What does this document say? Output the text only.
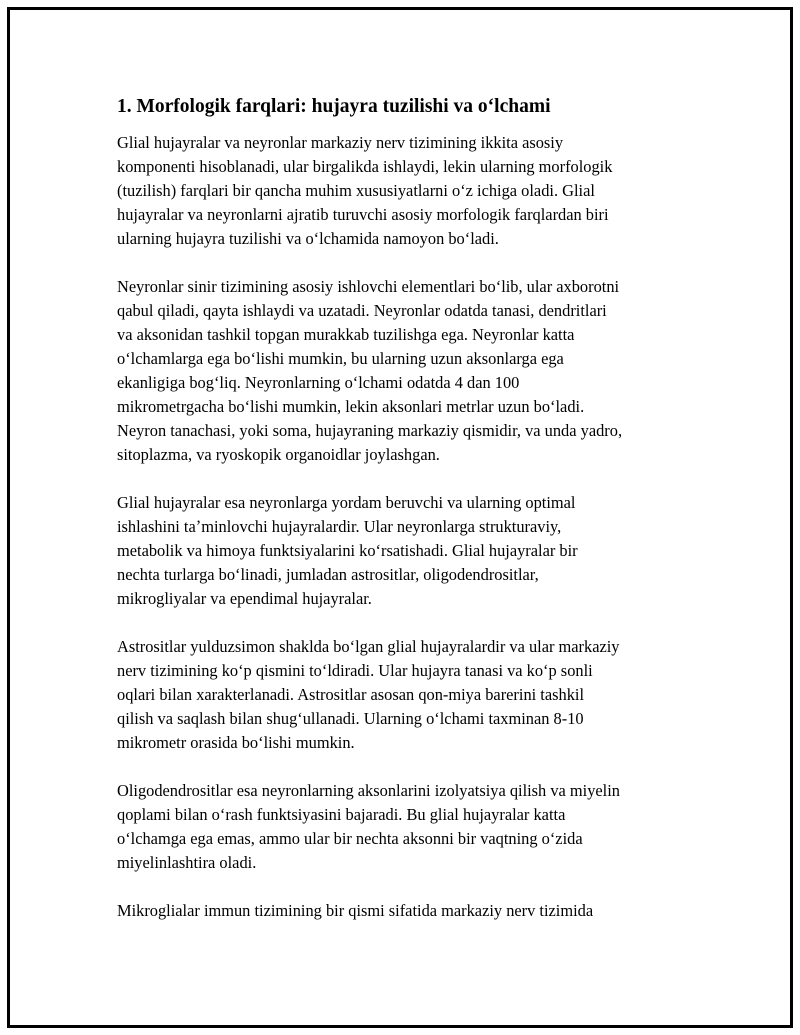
1. Morfologik farqlari: hujayra tuzilishi va oʻlchami

Glial hujayralar va neyronlar markaziy nerv tizimining ikkita asosiy
komponenti hisoblanadi, ular birgalikda ishlaydi, lekin ularning morfologik
(tuzilish) farqlari bir qancha muhim xususiyatlarni oʻz ichiga oladi. Glial
hujayralar va neyronlarni ajratib turuvchi asosiy morfologik farqlardan biri
ularning hujayra tuzilishi va oʻlchamida namoyon boʻladi.

Neyronlar sinir tizimining asosiy ishlovchi elementlari boʻlib, ular axborotni
qabul qiladi, qayta ishlaydi va uzatadi. Neyronlar odatda tanasi, dendritlari
va aksonidan tashkil topgan murakkab tuzilishga ega. Neyronlar katta
oʻlchamlarga ega boʻlishi mumkin, bu ularning uzun aksonlarga ega
ekanligiga bogʻliq. Neyronlarning oʻlchami odatda 4 dan 100
mikrometrgacha boʻlishi mumkin, lekin aksonlari metrlar uzun boʻladi.
Neyron tanachasi, yoki soma, hujayraning markaziy qismidir, va unda yadro,
sitoplazma, va ryoskopik organoidlar joylashgan.

Glial hujayralar esa neyronlarga yordam beruvchi va ularning optimal
ishlashini taʼminlovchi hujayralardir. Ular neyronlarga strukturaviy,
metabolik va himoya funktsiyalarini koʻrsatishadi. Glial hujayralar bir
nechta turlarga boʻlinadi, jumladan astrositlar, oligodendrositlar,
mikrogliyalar va ependimal hujayralar.

Astrositlar yulduzsimon shaklda boʻlgan glial hujayralardir va ular markaziy
nerv tizimining koʻp qismini toʻldiradi. Ular hujayra tanasi va koʻp sonli
oqlari bilan xarakterlanadi. Astrositlar asosan qon-miya barerini tashkil
qilish va saqlash bilan shugʻullanadi. Ularning oʻlchami taxminan 8-10
mikrometr orasida boʻlishi mumkin.

Oligodendrositlar esa neyronlarning aksonlarini izolyatsiya qilish va miyelin
qoplami bilan oʻrash funktsiyasini bajaradi. Bu glial hujayralar katta
oʻlchamga ega emas, ammo ular bir nechta aksonni bir vaqtning oʻzida
miyelinlashtira oladi.

Mikroglialar immun tizimining bir qismi sifatida markaziy nerv tizimida
